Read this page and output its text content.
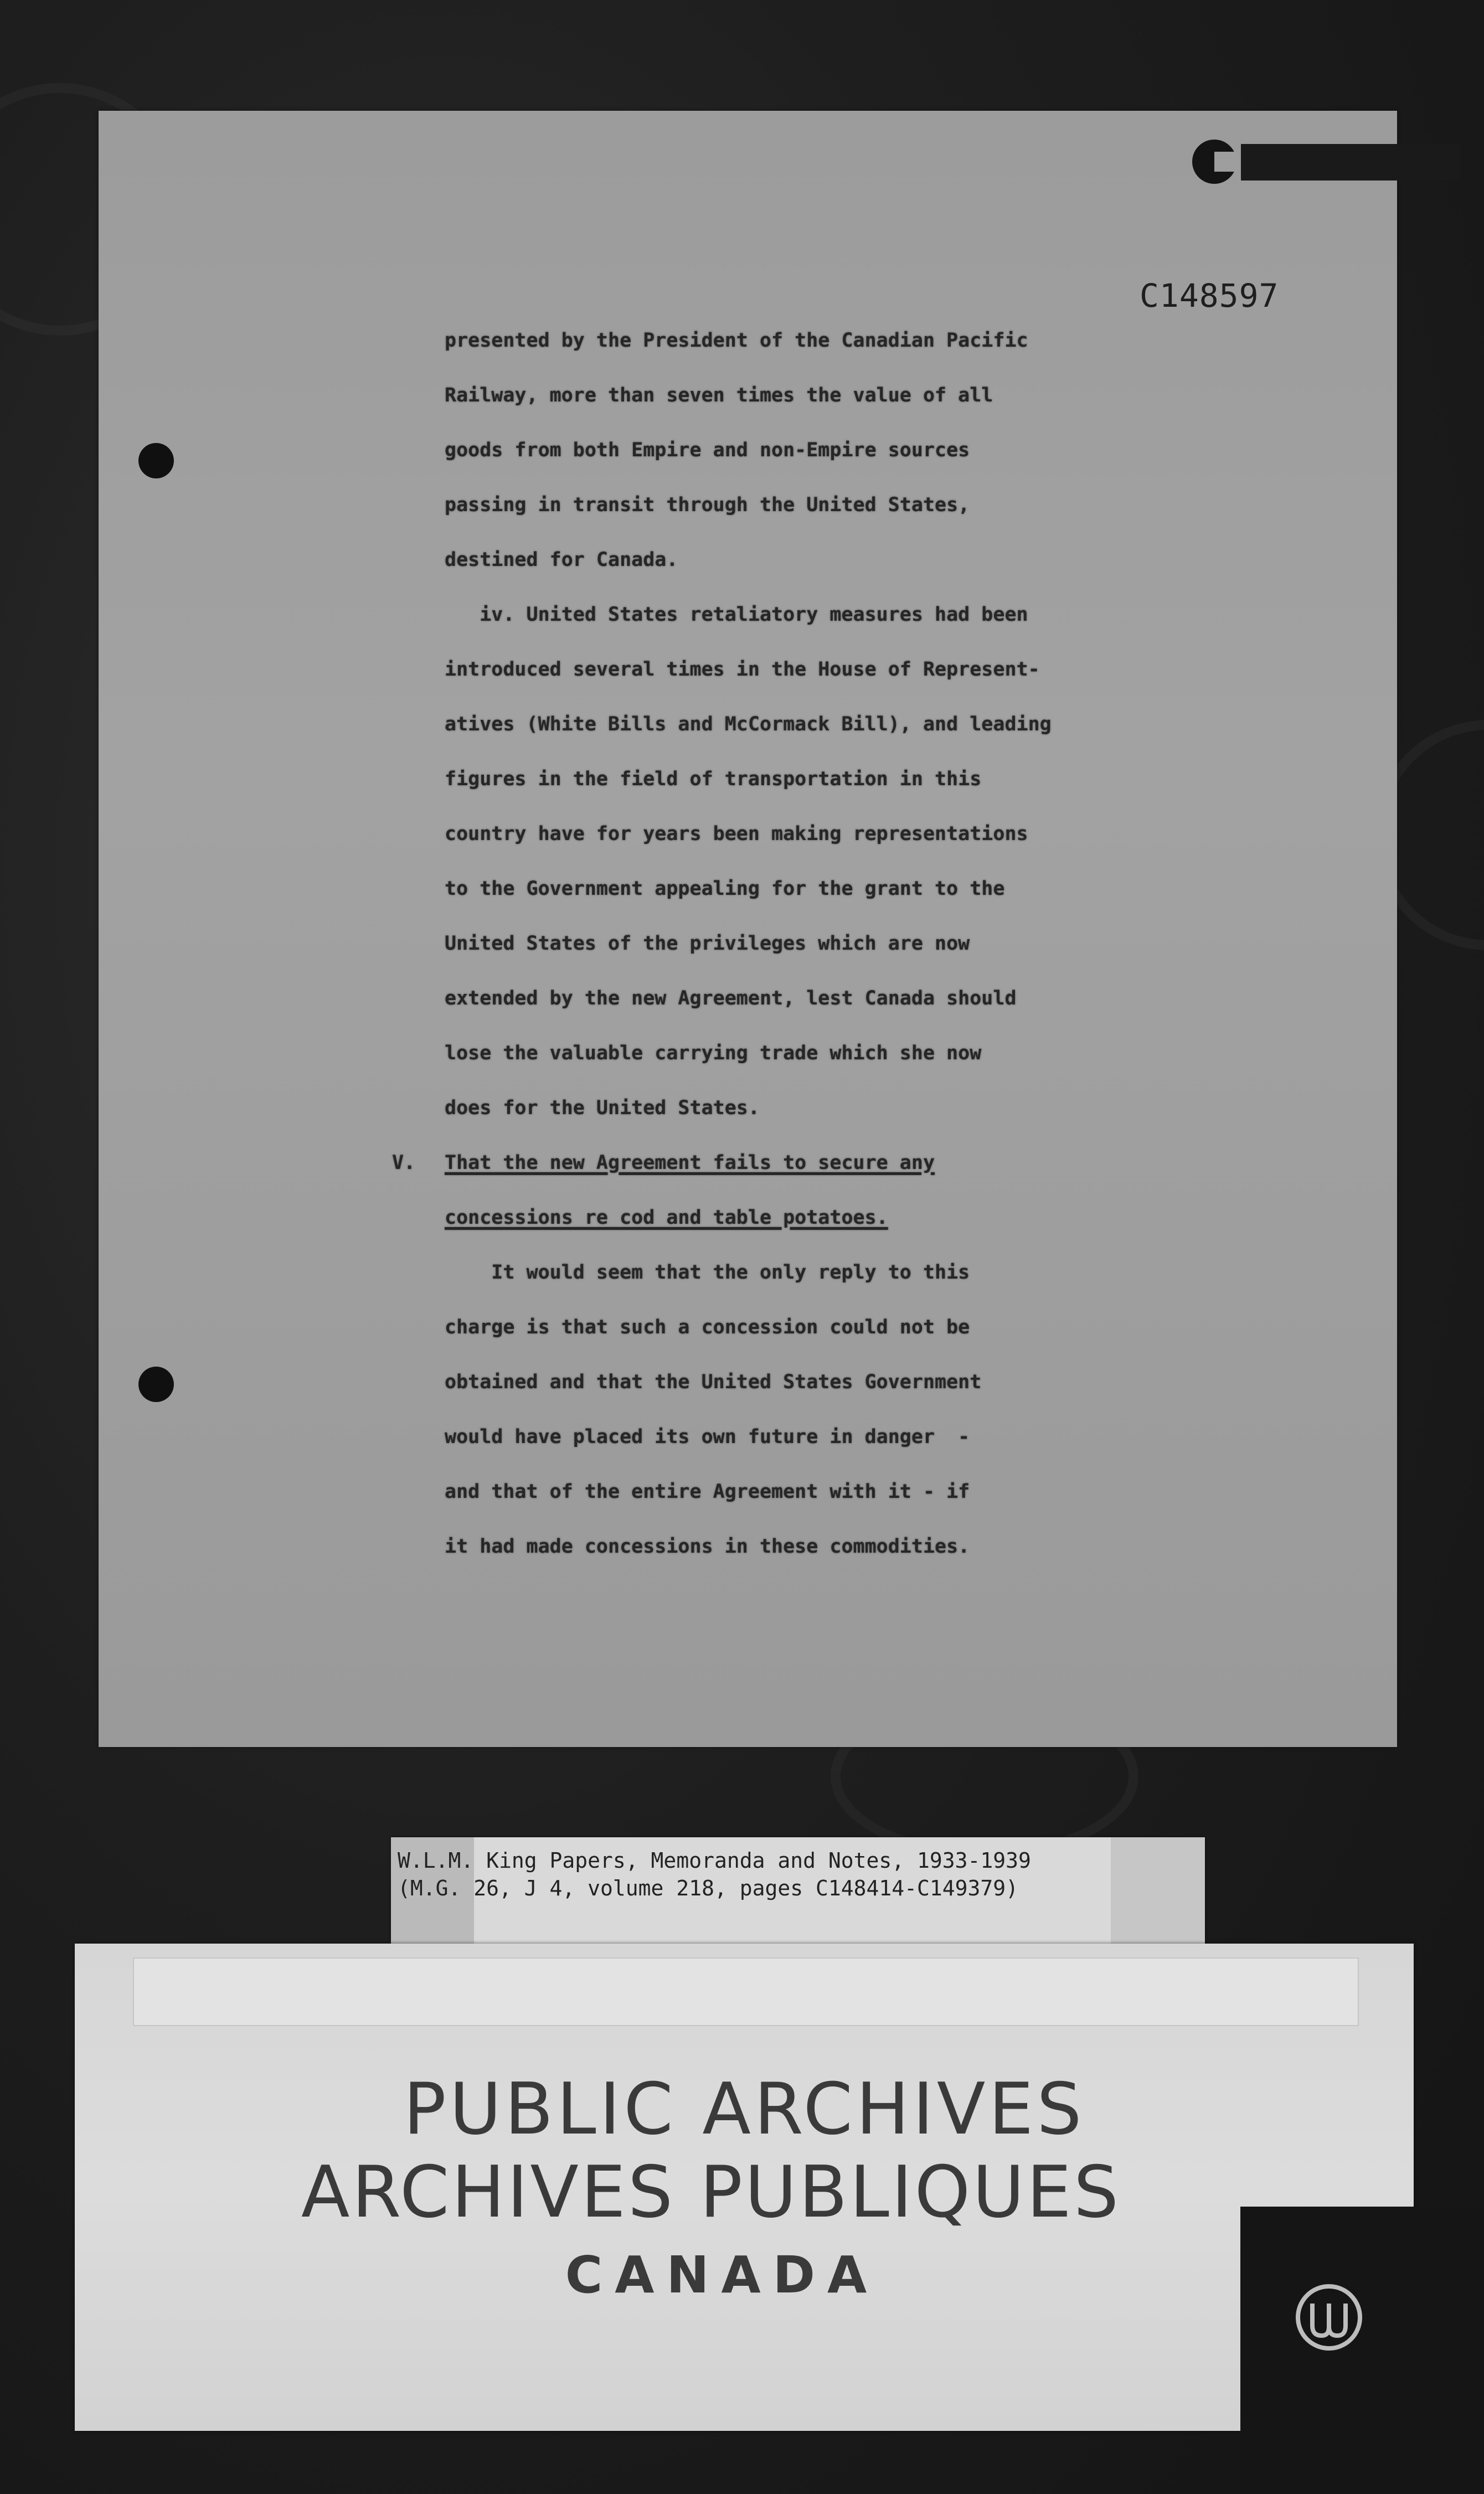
C148597

presented by the President of the Canadian Pacific

Railway, more than seven times the value of all

goods from both Empire and non-Empire sources

passing in transit through the United States,

destined for Canada.

iv. United States retaliatory measures had been

introduced several times in the House of Represent-

atives (White Bills and McCormack Bill), and leading

figures in the field of transportation in this

country have for years been making representations

to the Government appealing for the grant to the

United States of the privileges which are now

extended by the new Agreement, lest Canada should

lose the valuable carrying trade which she now

does for the United States.

That the new Agreement fails to secure any

concessions re cod and table potatoes.

It would seem that the only reply to this

charge is that such a concession could not be

obtained and that the United States Government

would have placed its own future in danger  -

and that of the entire Agreement with it - if

it had made concessions in these commodities.

V.
W.L.M. King Papers, Memoranda and Notes, 1933-1939
(M.G. 26, J 4, volume 218, pages C148414-C149379)
PUBLIC ARCHIVES
ARCHIVES PUBLIQUES
CANADA
